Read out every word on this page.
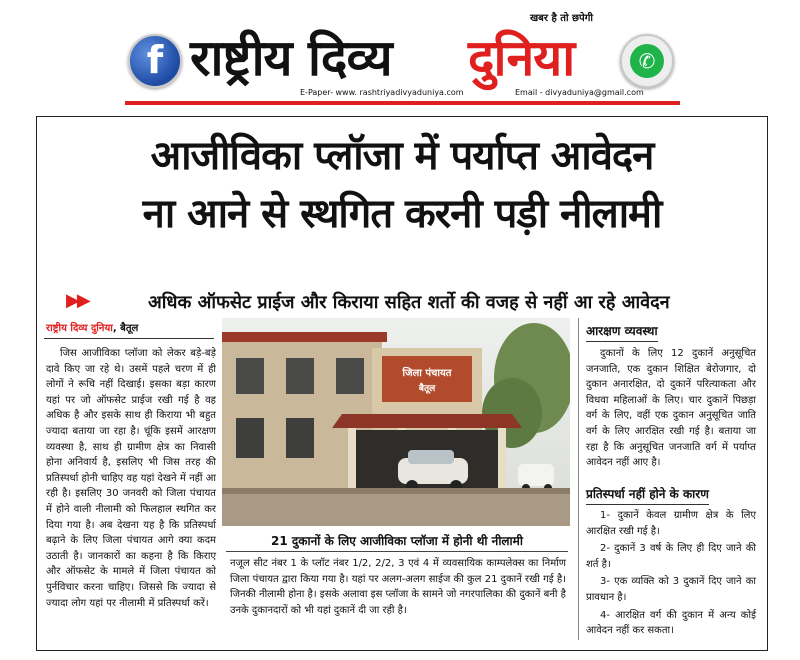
f राष्ट्रीय दिव्य दुनिया
खबर है तो छपेगी
✆
E-Paper- www. rashtriyadivyaduniya.com	Email - divyaduniya@gmail.com
आजीविका प्लॉजा में पर्याप्त आवेदन
ना आने से स्थगित करनी पड़ी नीलामी
▶▶	अधिक ऑफसेट प्राईज और किराया सहित शर्तो की वजह से नहीं आ रहे आवेदन
राष्ट्रीय दिव्य दुनिया, बैतूल

जिस आजीविका प्लॉजा को लेकर बड़े-बड़े दावे किए जा रहे थे। उसमें पहले चरण में ही लोगों ने रूचि नहीं दिखाई। इसका बड़ा कारण यहां पर जो ऑफसेट प्राईज रखी गई है वह अधिक है और इसके साथ ही किराया भी बहुत ज्यादा बताया जा रहा है। चूंकि इसमें आरक्षण व्यवस्था है, साथ ही ग्रामीण क्षेत्र का निवासी होना अनिवार्य है, इसलिए भी जिस तरह की प्रतिस्पर्धा होनी चाहिए वह यहां देखने में नहीं आ रही है। इसलिए 30 जनवरी को जिला पंचायत में होने वाली नीलामी को फिलहाल स्थगित कर दिया गया है। अब देखना यह है कि प्रतिस्पर्धा बढ़ाने के लिए जिला पंचायत आगे क्या कदम उठाती है। जानकारों का कहना है कि किराए और ऑफसेट के मामले में जिला पंचायत को पुर्नविचार करना चाहिए। जिससे कि ज्यादा से ज्यादा लोग यहां पर नीलामी में प्रतिस्पर्धा करें।

जिला पंचायत
बैतूल
21 दुकानों के लिए आजीविका प्लॉजा में होनी थी नीलामी
नजूल सीट नंबर 1 के प्लॉट नंबर 1/2, 2/2, 3 एवं 4 में व्यवसायिक काम्पलेक्स का निर्माण जिला पंचायत द्वारा किया गया है। यहां पर अलग-अलग साईज की कुल 21 दुकानें रखी गई है। जिनकी नीलामी होना है। इसके अलावा इस प्लॉजा के सामने जो नगरपालिका की दुकानें बनी है उनके दुकानदारों को भी यहां दुकानें दी जा रही है।
आरक्षण व्यवस्था

दुकानों के लिए 12 दुकानें अनुसूचित जनजाति, एक दुकान शिक्षित बेरोजगार, दो दुकान अनारक्षित, दो दुकानें परित्याकता और विधवा महिलाओं के लिए। चार दुकानें पिछड़ा वर्ग के लिए, वहीं एक दुकान अनुसूचित जाति वर्ग के लिए आरक्षित रखी गई है। बताया जा रहा है कि अनुसूचित जनजाति वर्ग में पर्याप्त आवेदन नहीं आए है।

प्रतिस्पर्धा नहीं होने के कारण

1- दुकानें केवल ग्रामीण क्षेत्र के लिए आरक्षित रखी गई है।

2- दुकानें 3 वर्ष के लिए ही दिए जाने की शर्त है।

3- एक व्यक्ति को 3 दुकानें दिए जाने का प्रावधान है।

4- आरक्षित वर्ग की दुकान में अन्य कोई आवेदन नहीं कर सकता।
